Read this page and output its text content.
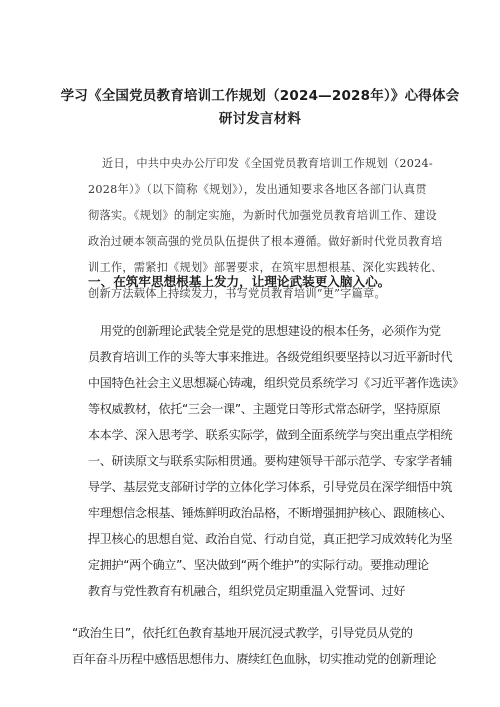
学习《全国党员教育培训工作规划（2024—2028年）》心得体会
研讨发言材料
近日，中共中央办公厅印发《全国党员教育培训工作规划（2024-
2028年）》（以下简称《规划》），发出通知要求各地区各部门认真贯
彻落实。《规划》的制定实施，为新时代加强党员教育培训工作、建设
政治过硬本领高强的党员队伍提供了根本遵循。做好新时代党员教育培
训工作，需紧扣《规划》部署要求，在筑牢思想根基、深化实践转化、
创新方法载体上持续发力，书写党员教育培训“更”字篇章。
一、在筑牢思想根基上发力，让理论武装更入脑入心。
用党的创新理论武装全党是党的思想建设的根本任务，必须作为党
员教育培训工作的头等大事来推进。各级党组织要坚持以习近平新时代
中国特色社会主义思想凝心铸魂，组织党员系统学习《习近平著作选读》
等权威教材，依托“三会一课”、主题党日等形式常态研学，坚持原原
本本学、深入思考学、联系实际学，做到全面系统学与突出重点学相统
一、研读原文与联系实际相贯通。要构建领导干部示范学、专家学者辅
导学、基层党支部研讨学的立体化学习体系，引导党员在深学细悟中筑
牢理想信念根基、锤炼鲜明政治品格，不断增强拥护核心、跟随核心、
捍卫核心的思想自觉、政治自觉、行动自觉，真正把学习成效转化为坚
定拥护“两个确立”、坚决做到“两个维护”的实际行动。要推动理论
教育与党性教育有机融合，组织党员定期重温入党誓词、过好
“政治生日”，依托红色教育基地开展沉浸式教学，引导党员从党的
百年奋斗历程中感悟思想伟力、赓续红色血脉，切实推动党的创新理论
